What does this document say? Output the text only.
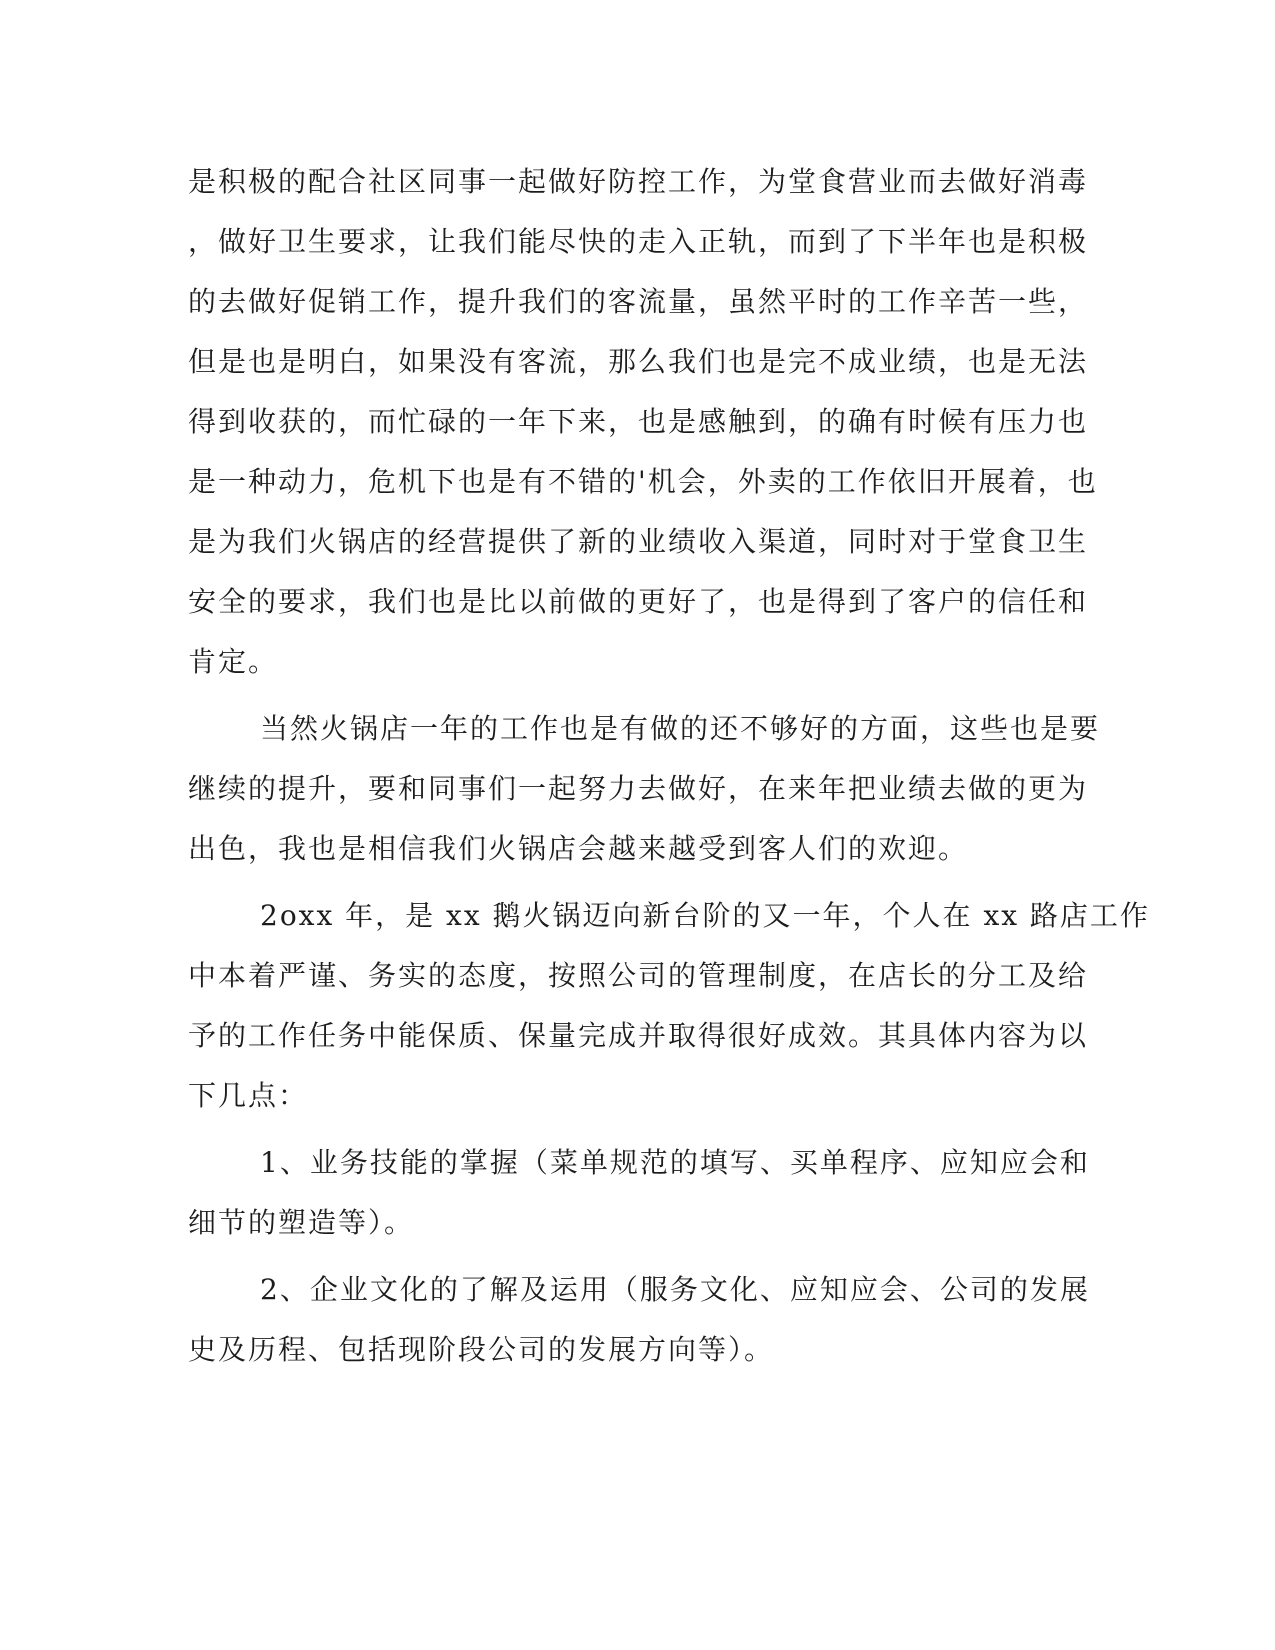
是积极的配合社区同事一起做好防控工作，为堂食营业而去做好消毒
，做好卫生要求，让我们能尽快的走入正轨，而到了下半年也是积极
的去做好促销工作，提升我们的客流量，虽然平时的工作辛苦一些，
但是也是明白，如果没有客流，那么我们也是完不成业绩，也是无法
得到收获的，而忙碌的一年下来，也是感触到，的确有时候有压力也
是一种动力，危机下也是有不错的'机会，外卖的工作依旧开展着，也
是为我们火锅店的经营提供了新的业绩收入渠道，同时对于堂食卫生
安全的要求，我们也是比以前做的更好了，也是得到了客户的信任和
肯定。
当然火锅店一年的工作也是有做的还不够好的方面，这些也是要
继续的提升，要和同事们一起努力去做好，在来年把业绩去做的更为
出色，我也是相信我们火锅店会越来越受到客人们的欢迎。
2oxx 年，是 xx 鹅火锅迈向新台阶的又一年，个人在 xx 路店工作
中本着严谨、务实的态度，按照公司的管理制度，在店长的分工及给
予的工作任务中能保质、保量完成并取得很好成效。其具体内容为以
下几点：
1、业务技能的掌握（菜单规范的填写、买单程序、应知应会和
细节的塑造等）。
2、企业文化的了解及运用（服务文化、应知应会、公司的发展
史及历程、包括现阶段公司的发展方向等）。
